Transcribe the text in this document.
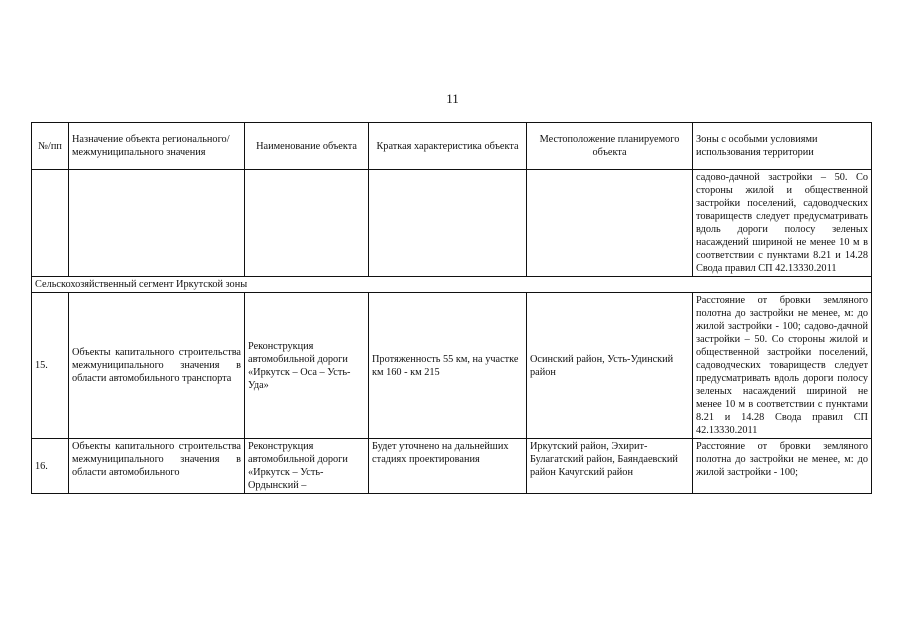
11
№/пп	Назначение объекта регионального/ межмуниципального значения	Наименование объекта	Краткая характеристика объекта	Местоположение планируемого объекта	Зоны с особыми условиями использования территории
					садово-дачной застройки – 50. Со стороны жилой и общественной застройки поселений, садоводческих товариществ следует предусматривать вдоль дороги полосу зеленых насаждений шириной не менее 10 м в соответствии с пунктами 8.21 и 14.28 Свода правил СП 42.13330.2011
Сельскохозяйственный сегмент Иркутской зоны					
15.	Объекты капитального строительства межмуниципального значения в области автомобильного транспорта	Реконструкция автомобильной дороги «Иркутск – Оса – Усть-Уда»	Протяженность 55 км, на участке км 160 - км 215	Осинский район, Усть-Удинский район	Расстояние от бровки земляного полотна до застройки не менее, м: до жилой застройки - 100; садово-дачной застройки – 50. Со стороны жилой и общественной застройки поселений, садоводческих товариществ следует предусматривать вдоль дороги полосу зеленых насаждений шириной не менее 10 м в соответствии с пунктами 8.21 и 14.28 Свода правил СП 42.13330.2011
16.	Объекты капитального строительства межмуниципального значения в области автомобильного	Реконструкция автомобильной дороги «Иркутск – Усть-Ордынский –	Будет уточнено на дальнейших стадиях проектирования	Иркутский район, Эхирит-Булагатский район, Баяндаевский район Качугский район	Расстояние от бровки земляного полотна до застройки не менее, м: до жилой застройки - 100;
